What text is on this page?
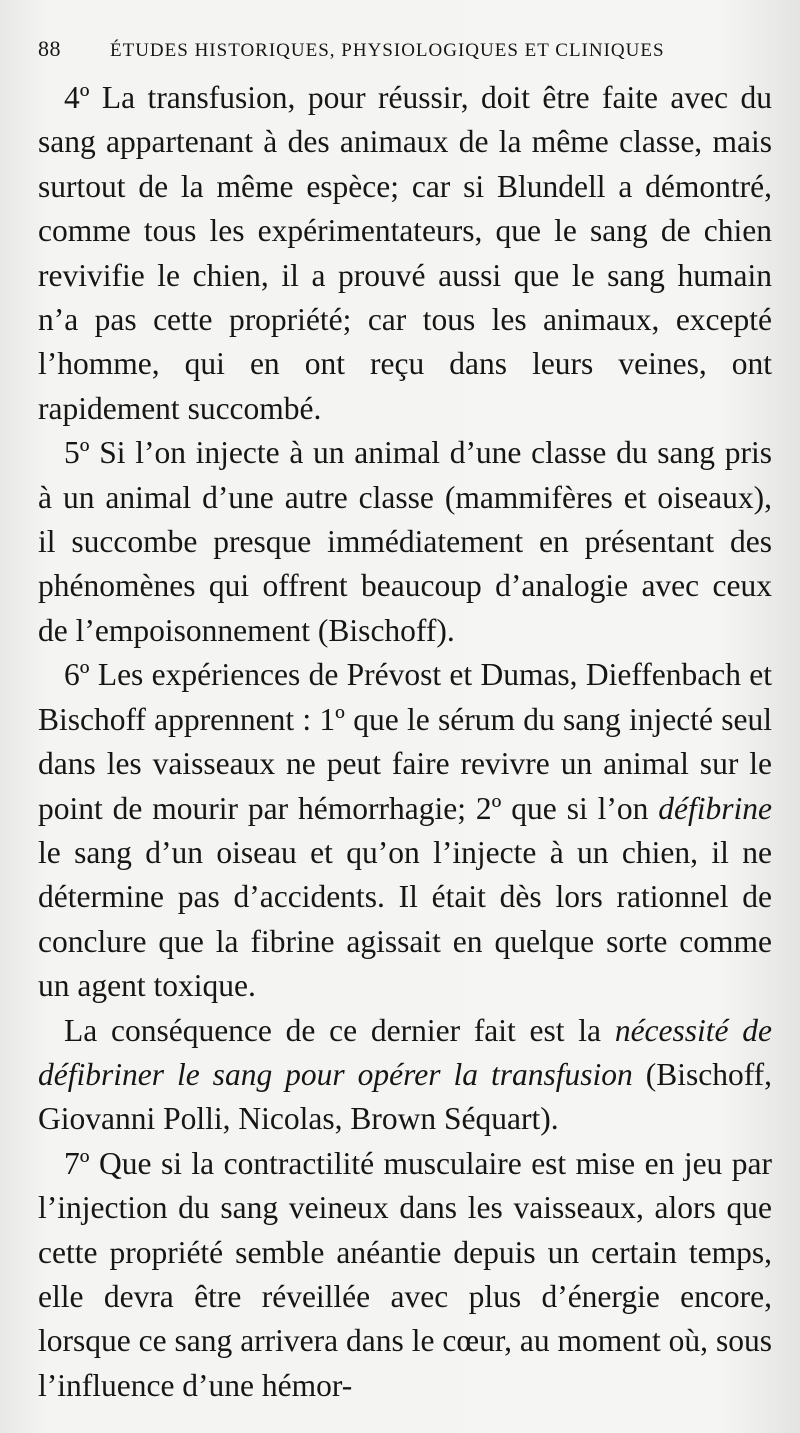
88	ÉTUDES HISTORIQUES, PHYSIOLOGIQUES ET CLINIQUES

4º La transfusion, pour réussir, doit être faite avec du sang appartenant à des animaux de la même classe, mais surtout de la même espèce; car si Blundell a démontré, comme tous les expérimentateurs, que le sang de chien revivifie le chien, il a prouvé aussi que le sang humain n’a pas cette propriété; car tous les animaux, excepté l’homme, qui en ont reçu dans leurs veines, ont rapidement succombé.

5º Si l’on injecte à un animal d’une classe du sang pris à un animal d’une autre classe (mammifères et oiseaux), il succombe presque immédiatement en présentant des phénomènes qui offrent beaucoup d’analogie avec ceux de l’empoisonnement (Bischoff).

6º Les expériences de Prévost et Dumas, Dieffenbach et Bischoff apprennent : 1º que le sérum du sang injecté seul dans les vaisseaux ne peut faire revivre un animal sur le point de mourir par hémorrhagie; 2º que si l’on défibrine le sang d’un oiseau et qu’on l’injecte à un chien, il ne détermine pas d’accidents. Il était dès lors rationnel de conclure que la fibrine agissait en quelque sorte comme un agent toxique.

La conséquence de ce dernier fait est la nécessité de défibriner le sang pour opérer la transfusion (Bischoff, Giovanni Polli, Nicolas, Brown Séquart).

7º Que si la contractilité musculaire est mise en jeu par l’injection du sang veineux dans les vaisseaux, alors que cette propriété semble anéantie depuis un certain temps, elle devra être réveillée avec plus d’énergie encore, lorsque ce sang arrivera dans le cœur, au moment où, sous l’influence d’une hémor-
